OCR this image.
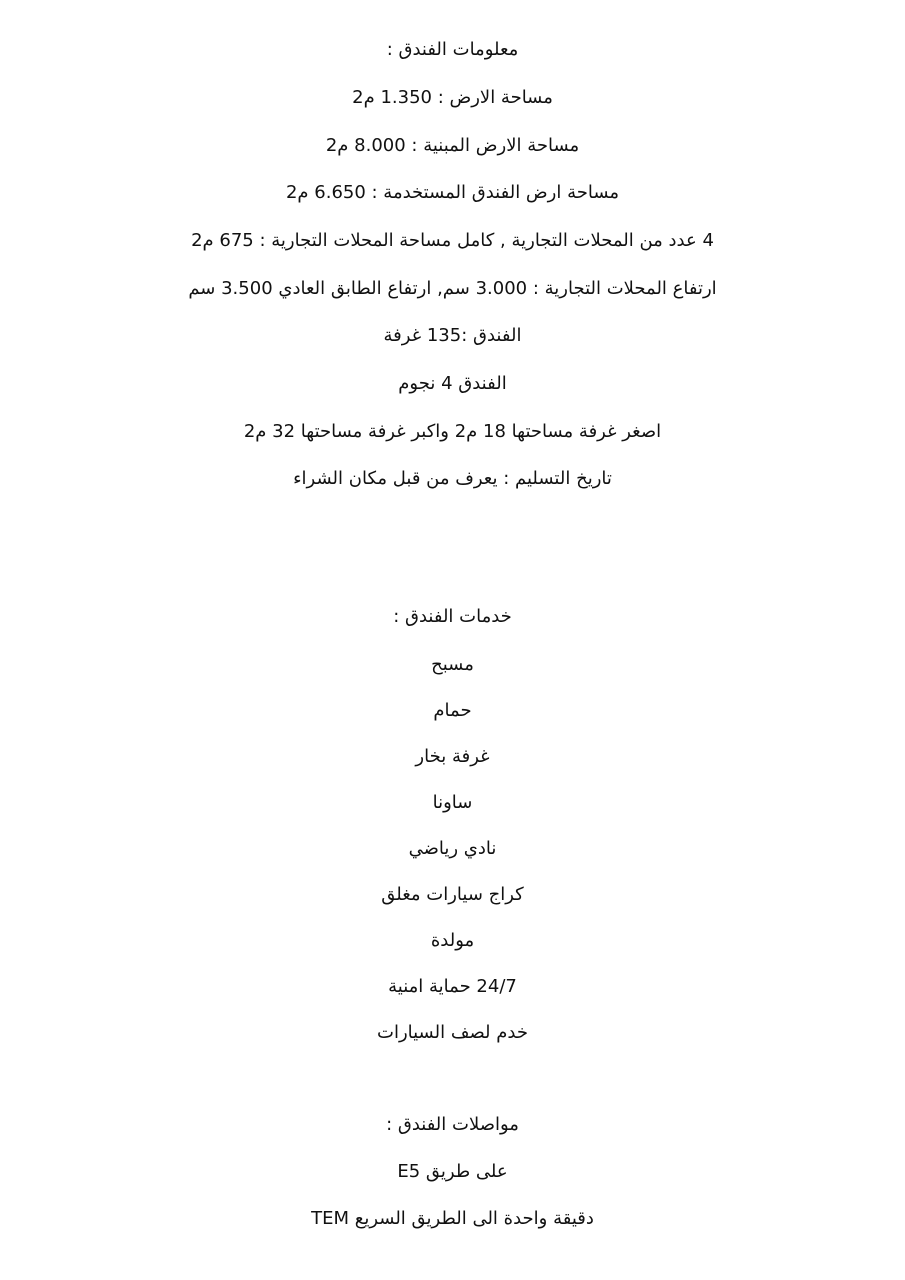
معلومات الفندق :
مساحة الارض : 1.350 م2
مساحة الارض المبنية : 8.000 م2
مساحة ارض الفندق المستخدمة : 6.650 م2
4 عدد من المحلات التجارية , كامل مساحة المحلات التجارية : 675 م2
ارتفاع المحلات التجارية : 3.000 سم, ارتفاع الطابق العادي 3.500 سم
الفندق :135 غرفة
الفندق 4 نجوم
اصغر غرفة مساحتها 18 م2 واكبر غرفة مساحتها 32 م2
تاريخ التسليم : يعرف من قبل مكان الشراء
خدمات الفندق :
مسبح
حمام
غرفة بخار
ساونا
نادي رياضي
كراج سيارات مغلق
مولدة
24/7 حماية امنية
خدم لصف السيارات
مواصلات الفندق :
على طريق E5
دقيقة واحدة الى الطريق السريع TEM
